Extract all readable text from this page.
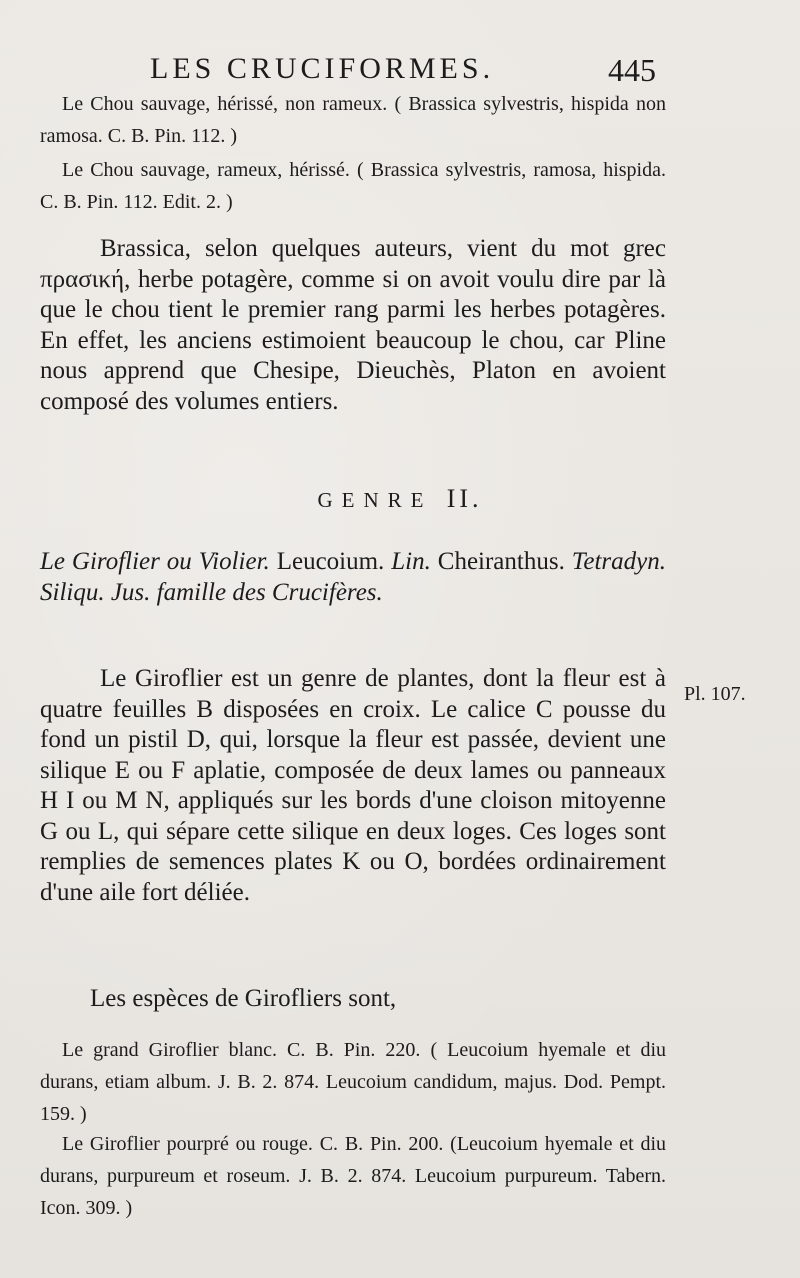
LES CRUCIFORMES.	445

Le Chou sauvage, hérissé, non rameux. ( Brassica sylvestris, hispida non ramosa. C. B. Pin. 112. )

Le Chou sauvage, rameux, hérissé. ( Brassica sylvestris, ramosa, hispida. C. B. Pin. 112. Edit. 2. )

Brassica, selon quelques auteurs, vient du mot grec πρασική, herbe potagère, comme si on avoit voulu dire par là que le chou tient le premier rang parmi les herbes potagères. En effet, les anciens estimoient beaucoup le chou, car Pline nous apprend que Chesipe, Dieuchès, Platon en avoient composé des volumes entiers.

GENRE II.

Le Giroflier ou Violier. Leucoium. Lin. Cheiranthus. Tetradyn. Siliqu. Jus. famille des Crucifères.

Le Giroflier est un genre de plantes, dont la fleur est à quatre feuilles B disposées en croix. Le calice C pousse du fond un pistil D, qui, lorsque la fleur est passée, devient une silique E ou F aplatie, composée de deux lames ou panneaux H I ou M N, appliqués sur les bords d'une cloison mitoyenne G ou L, qui sépare cette silique en deux loges. Ces loges sont remplies de semences plates K ou O, bordées ordinairement d'une aile fort déliée.

Pl. 107.

Les espèces de Girofliers sont,

Le grand Giroflier blanc. C. B. Pin. 220. ( Leucoium hyemale et diu durans, etiam album. J. B. 2. 874. Leucoium candidum, majus. Dod. Pempt. 159. )

Le Giroflier pourpré ou rouge. C. B. Pin. 200. (Leucoium hyemale et diu durans, purpureum et roseum. J. B. 2. 874. Leucoium purpureum. Tabern. Icon. 309. )
